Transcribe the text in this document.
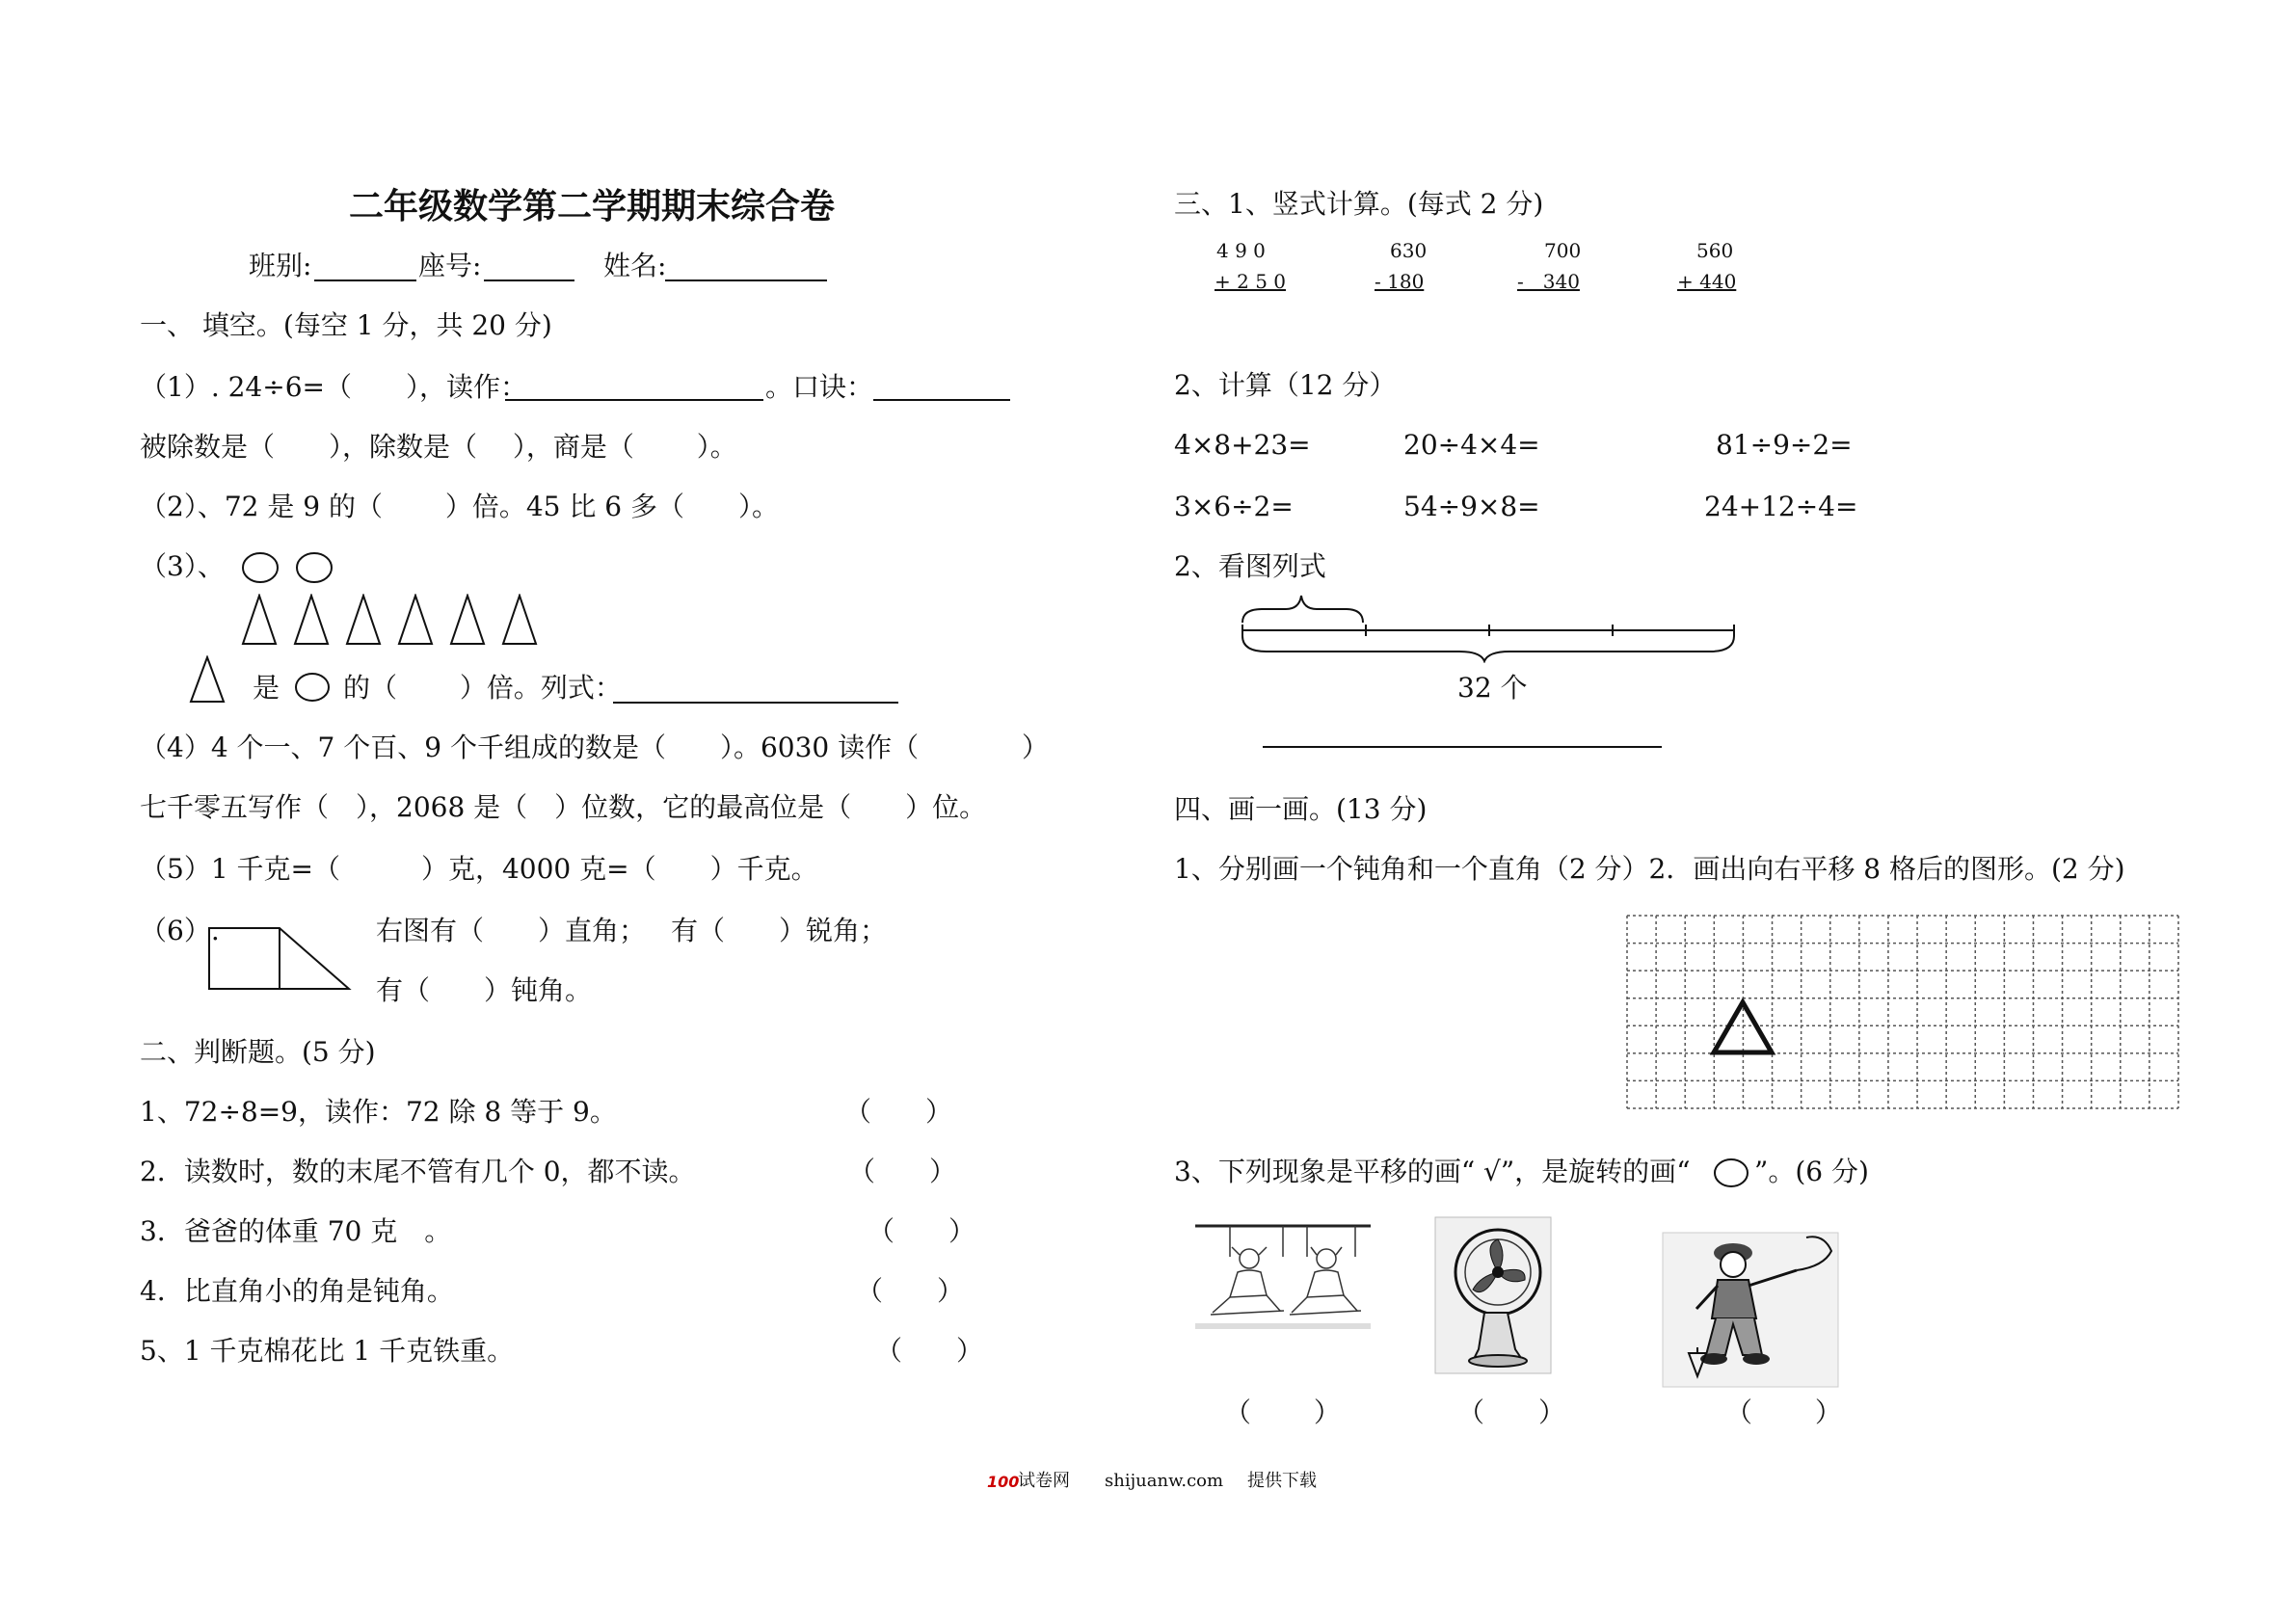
二年级数学第二学期期末综合卷
班别:	座号:	姓名:
一、 填空。(每空 1 分，共 20 分)
（1）. 24÷6=（　　），读作：	。口诀：
被除数是（　　），除数是（　 ），商是（　　 ）。
（2）、72 是 9 的（　　 ）倍。45 比 6 多（　　）。
（3）、
是 的（　　 ）倍。列式：
（4）4 个一、7 个百、9 个千组成的数是（　　）。6030 读作（	）
七千零五写作（　），2068 是（　）位数，它的最高位是（　　）位。
（5）1 千克=（　　　）克，4000 克=（　　）千克。
（6）.	右图有（　　）直角； 有（　　）锐角；
有（　　）钝角。
二、判断题。(5 分)
1、72÷8=9，读作：72 除 8 等于 9。	（　　）
2．读数时，数的末尾不管有几个 0，都不读。	（　　）
3．爸爸的体重 70 克　。	（　　）
4．比直角小的角是钝角。	（　　）
5、1 千克棉花比 1 千克铁重。	（　　）
三、1、竖式计算。(每式 2 分)
4 9 0
+ 2 5 0
630
- 180
700
-　340
560
+ 440
2、计算（12 分）
4×8+23=	20÷4×4=	81÷9÷2=
3×6÷2=	54÷9×8=	24+12÷4=
2、看图列式
32 个
四、画一画。(13 分)
1、分别画一个钝角和一个直角（2 分）2．画出向右平移 8 格后的图形。(2 分)
3、下列现象是平移的画“ √”，是旋转的画“ ”。(6 分)
（　　 ）	（　　）	（　　 ）
100
试卷网 shijuanw.com 提供下载
